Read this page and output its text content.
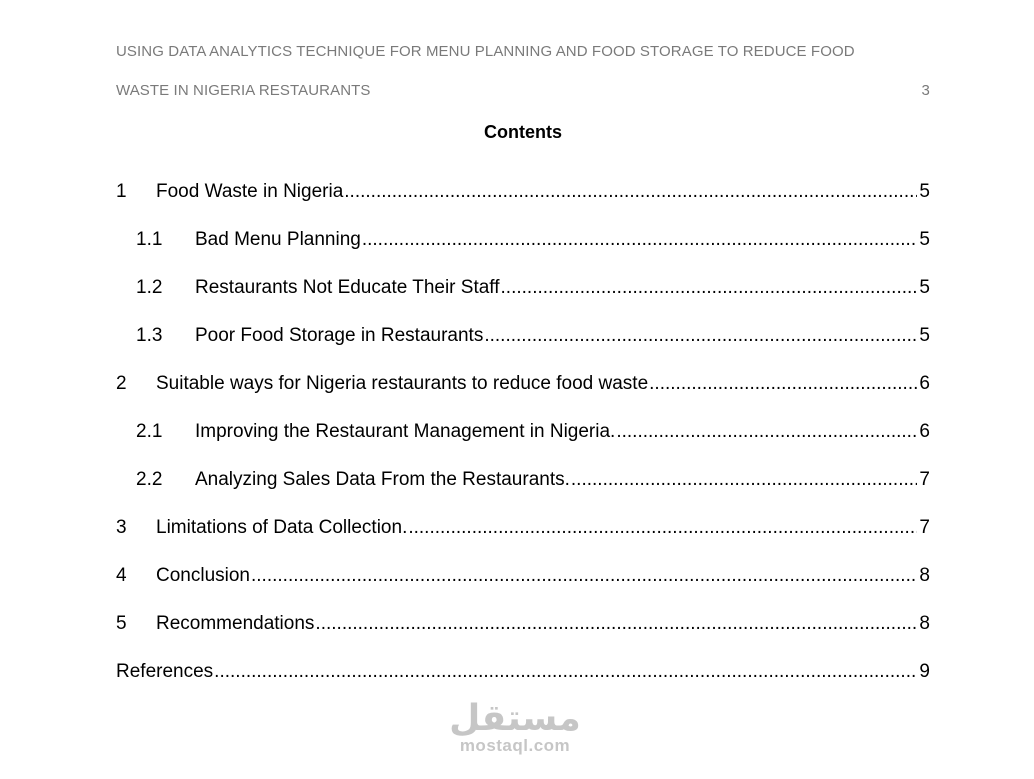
USING DATA ANALYTICS TECHNIQUE FOR MENU PLANNING AND FOOD STORAGE TO REDUCE FOOD
WASTE IN NIGERIA RESTAURANTS	3
Contents
1	Food Waste in Nigeria .....	5
1.1	Bad Menu Planning .....	5
1.2	Restaurants Not Educate Their Staff .....	5
1.3	Poor Food Storage in Restaurants .....	5
2	Suitable ways for Nigeria restaurants to reduce food waste .....	6
2.1	Improving the Restaurant Management in Nigeria. .....	6
2.2	Analyzing Sales Data From the Restaurants. .....	7
3	Limitations of Data Collection. .....	7
4	Conclusion .....	8
5	Recommendations .....	8
References .....	9
مستقل
mostaql.com
